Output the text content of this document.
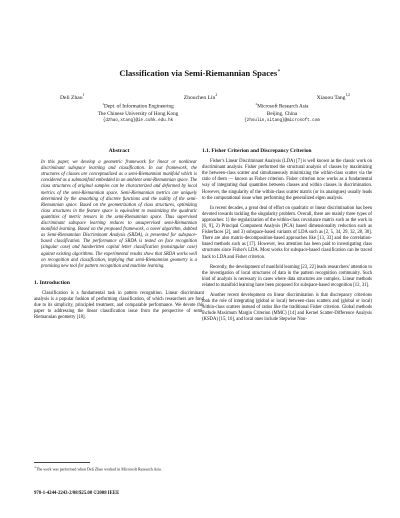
Classification via Semi-Riemannian Spaces∗
Deli Zhao$^1$	Zhouchen Lin$^2$	Xiaoou Tang$^{1,2}$
$^1$Dept. of Information Engineering
The Chinese University of Hong Kong
{dzhao,xtang}@ie.cuhk.edu.hk
$^2$Microsoft Research Asia
Beijing, China
{zhoulin,xitang}@microsoft.com
Abstract

In this paper, we develop a geometric framework for linear or nonlinear discriminant subspace learning and classification. In our framework, the structures of classes are conceptualized as a semi-Riemannian manifold which is considered as a submanifold embedded in an ambient semi-Riemannian space. The class structures of original samples can be characterized and deformed by local metrics of the semi-Riemannian space. Semi-Riemannian metrics are uniquely determined by the smoothing of discrete functions and the nullity of the semi-Riemannian space. Based on the geometrization of class structures, optimizing class structures in the feature space is equivalent to maximizing the quadratic quantities of metric tensors in the semi-Riemannian space. Thus supervised discriminant subspace learning reduces to unsupervised semi-Riemannian manifold learning. Based on the proposed framework, a novel algorithm, dubbed as Semi-Riemannian Discriminant Analysis (SRDA), is presented for subspace-based classification. The performance of SRDA is tested on face recognition (singular case) and handwritten capital letter classification (nonsingular case) against existing algorithms. The experimental results show that SRDA works well on recognition and classification, implying that semi-Riemannian geometry is a promising new tool for pattern recognition and machine learning.

1. Introduction

Classification is a fundamental task in pattern recognition. Linear discriminant analysis is a popular fashion of performing classification, of which researchers are fond due to its simplicity, principled treatment, and comparable performance. We devote this paper to addressing the linear classification issue from the perspective of semi-Riemannian geometry [18].

∗The work was performed when Deli Zhao worked in Microsoft Research Asia.
978-1-4244-2243-2/08/$25.00 ©2008 IEEE
1.1. Fisher Criterion and Discrepancy Criterion

Fisher's Linear Discriminant Analysis (LDA) [7] is well known as the classic work on discriminant analysis. Fisher performed the structural analysis of classes by maximizing the between-class scatter and simultaneously minimizing the within-class scatter via the ratio of them — known as Fisher criterion. Fisher criterion now works as a fundamental way of integrating dual quantities between classes and within classes in discrimination. However, the singularity of the within-class scatter matrix (or its analogues) usually leads to the computational issue when performing the generalized eigen analysis.

In recent decades, a great deal of effort on quadratic or linear discrimination has been devoted towards tackling the singularity problem. Overall, there are mainly three types of approaches: 1) the regularization of the within-class covariance matrix such as the work in [6, 9], 2) Principal Component Analysis (PCA) based dimensionality reduction such as Fisherfaces [2], and 3) subspace-based variants of LDA such as [2, 5, 34, 29, 32, 28, 30]. There are also matrix-decomposition-based approaches like [13, 33] and the correlation-based methods such as [17]. However, less attention has been paid to investigating class structures since Fisher's LDA. Most works for subspace-based classification can be traced back to LDA and Fisher criterion.

Recently, the development of manifold learning [23, 22] leads researchers' attention to the investigation of local structures of data in the pattern recognition community. Such kind of analysis is necessary in cases where data structures are complex. Linear methods related to manifold learning have been proposed for subspace-based recognition [12, 31].

Another recent development on linear discrimination is that discrepancy criterions took the role of integrating (global or local) between-class scatters and (global or local) within-class scatters instead of ratios like the traditional Fisher criterion. Global methods include Maximum Margin Criterion (MMC) [14] and Kernel Scatter-Difference Analysis (KSDA) [15, 16], and local ones include Stepwise Non-
